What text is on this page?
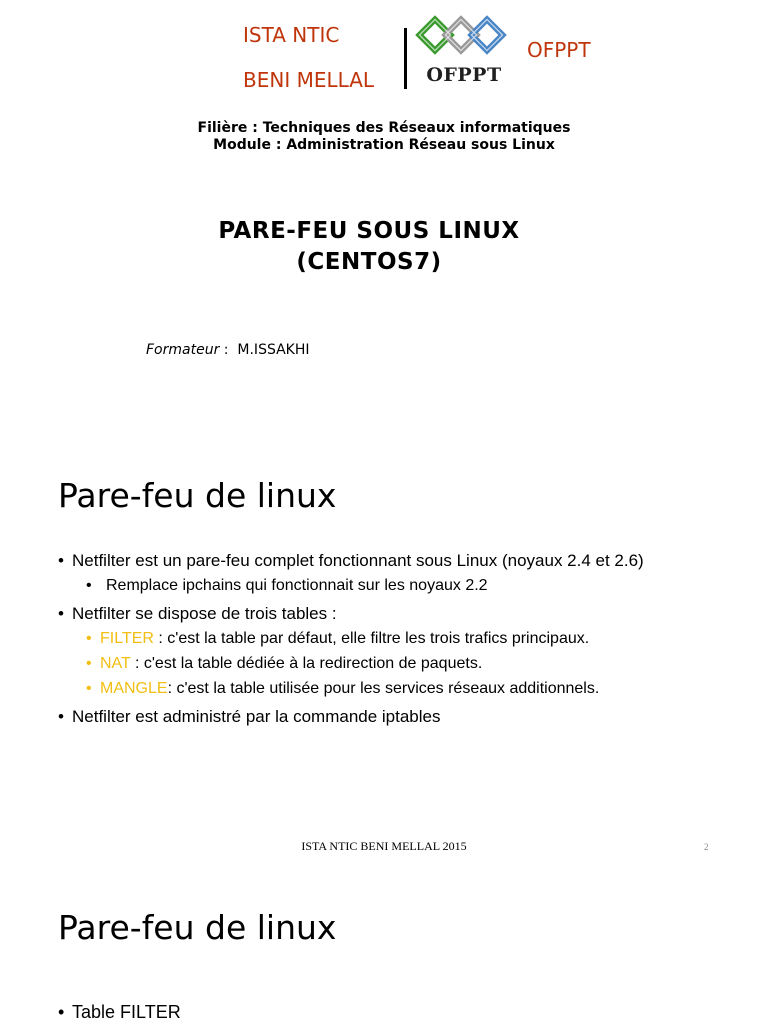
ISTA NTIC
BENI MELLAL	OFPPT
OFPPT
Filière : Techniques des Réseaux informatiques
Module : Administration Réseau sous Linux
PARE-FEU SOUS LINUX
(CENTOS7)
Formateur :  M.ISSAKHI
Pare-feu de linux
• Netfilter est un pare-feu complet fonctionnant sous Linux (noyaux 2.4 et 2.6)
• Remplace ipchains qui fonctionnait sur les noyaux 2.2
• Netfilter se dispose de trois tables :
• FILTER : c'est la table par défaut, elle filtre les trois trafics principaux.
• NAT : c'est la table dédiée à la redirection de paquets.
• MANGLE: c'est la table utilisée pour les services réseaux additionnels.
• Netfilter est administré par la commande iptables
ISTA NTIC BENI MELLAL 2015	2
Pare-feu de linux
• Table FILTER
